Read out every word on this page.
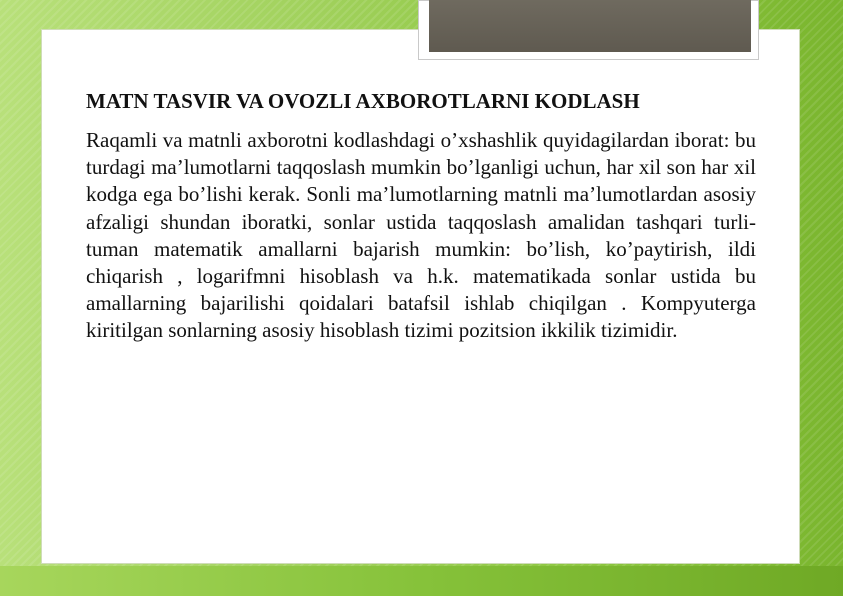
MATN TASVIR VA OVOZLI AXBOROTLARNI KODLASH
Raqamli va matnli axborotni kodlashdagi o’xshashlik quyidagilardan iborat: bu turdagi ma’lumotlarni taqqoslash mumkin bo’lganligi uchun, har xil son har xil kodga ega bo’lishi kerak. Sonli ma’lumotlarning matnli ma’lumotlardan asosiy afzaligi shundan iboratki, sonlar ustida taqqoslash amalidan tashqari turli-tuman matematik amallarni bajarish mumkin: bo’lish, ko’paytirish, ildi chiqarish , logarifmni hisoblash va h.k. matematikada sonlar ustida bu amallarning bajarilishi qoidalari batafsil ishlab chiqilgan . Kompyuterga kiritilgan sonlarning asosiy hisoblash tizimi pozitsion ikkilik tizimidir.
